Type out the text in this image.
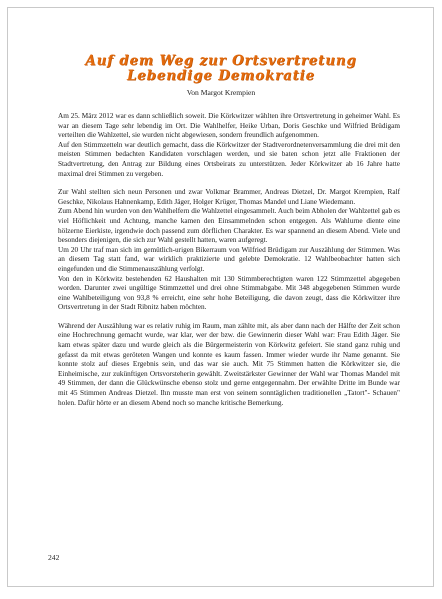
Auf dem Weg zur Ortsvertretung
Lebendige Demokratie
Von Margot Krempien

Am 25. März 2012 war es dann schließlich soweit. Die Körkwitzer wählten ihre Ortsvertretung in geheimer Wahl. Es war an diesem Tage sehr lebendig im Ort. Die Wahlhelfer, Heike Urban, Doris Geschke und Wilfried Brüdigam verteilten die Wahlzettel, sie wurden nicht abgewiesen, sondern freundlich aufgenommen.

Auf den Stimmzetteln war deutlich gemacht, dass die Körkwitzer der Stadtverordnetenversammlung die drei mit den meisten Stimmen bedachten Kandidaten vorschlagen werden, und sie baten schon jetzt alle Fraktionen der Stadtvertretung, den Antrag zur Bildung eines Ortsbeirats zu unterstützen. Jeder Körkwitzer ab 16 Jahre hatte maximal drei Stimmen zu vergeben.

Zur Wahl stellten sich neun Personen und zwar Volkmar Brammer, Andreas Dietzel, Dr. Margot Krempien, Ralf Geschke, Nikolaus Hahnenkamp, Edith Jäger, Holger Krüger, Thomas Mandel und Liane Wiedemann.

Zum Abend hin wurden von den Wahlhelfern die Wahlzettel eingesammelt. Auch beim Abholen der Wahlzettel gab es viel Höflichkeit und Achtung, manche kamen den Einsammelnden schon entgegen. Als Wahlurne diente eine hölzerne Eierkiste, irgendwie doch passend zum dörflichen Charakter. Es war spannend an diesem Abend. Viele und besonders diejenigen, die sich zur Wahl gestellt hatten, waren aufgeregt.

Um 20 Uhr traf man sich im gemütlich-urigen Bikerraum von Wilfried Brüdigam zur Auszählung der Stimmen. Was an diesem Tag statt fand, war wirklich praktizierte und gelebte Demokratie. 12 Wahlbeobachter hatten sich eingefunden und die Stimmenauszählung verfolgt.

Von den in Körkwitz bestehenden 62 Haushalten mit 130 Stimmberechtigten waren 122 Stimmzettel abgegeben worden. Darunter zwei ungültige Stimmzettel und drei ohne Stimmabgabe. Mit 348 abgegebenen Stimmen wurde eine Wahlbeteiligung von 93,8 % erreicht, eine sehr hohe Beteiligung, die davon zeugt, dass die Körkwitzer ihre Ortsvertretung in der Stadt Ribnitz haben möchten.

Während der Auszählung war es relativ ruhig im Raum, man zählte mit, als aber dann nach der Hälfte der Zeit schon eine Hochrechnung gemacht wurde, war klar, wer der bzw. die Gewinnerin dieser Wahl war: Frau Edith Jäger. Sie kam etwas später dazu und wurde gleich als die Bürgermeisterin von Körkwitz gefeiert. Sie stand ganz ruhig und gefasst da mit etwas geröteten Wangen und konnte es kaum fassen. Immer wieder wurde ihr Name genannt. Sie konnte stolz auf dieses Ergebnis sein, und das war sie auch. Mit 75 Stimmen hatten die Körkwitzer sie, die Einheimische, zur zukünftigen Ortsvorsteherin gewählt. Zweitstärkster Gewinner der Wahl war Thomas Mandel mit 49 Stimmen, der dann die Glückwünsche ebenso stolz und gerne entgegennahm. Der erwählte Dritte im Bunde war mit 45 Stimmen Andreas Dietzel. Ihn musste man erst von seinem sonntäglichen traditionellen „Tatort"- Schauen" holen. Dafür hörte er an diesem Abend noch so manche kritische Bemerkung.

242
